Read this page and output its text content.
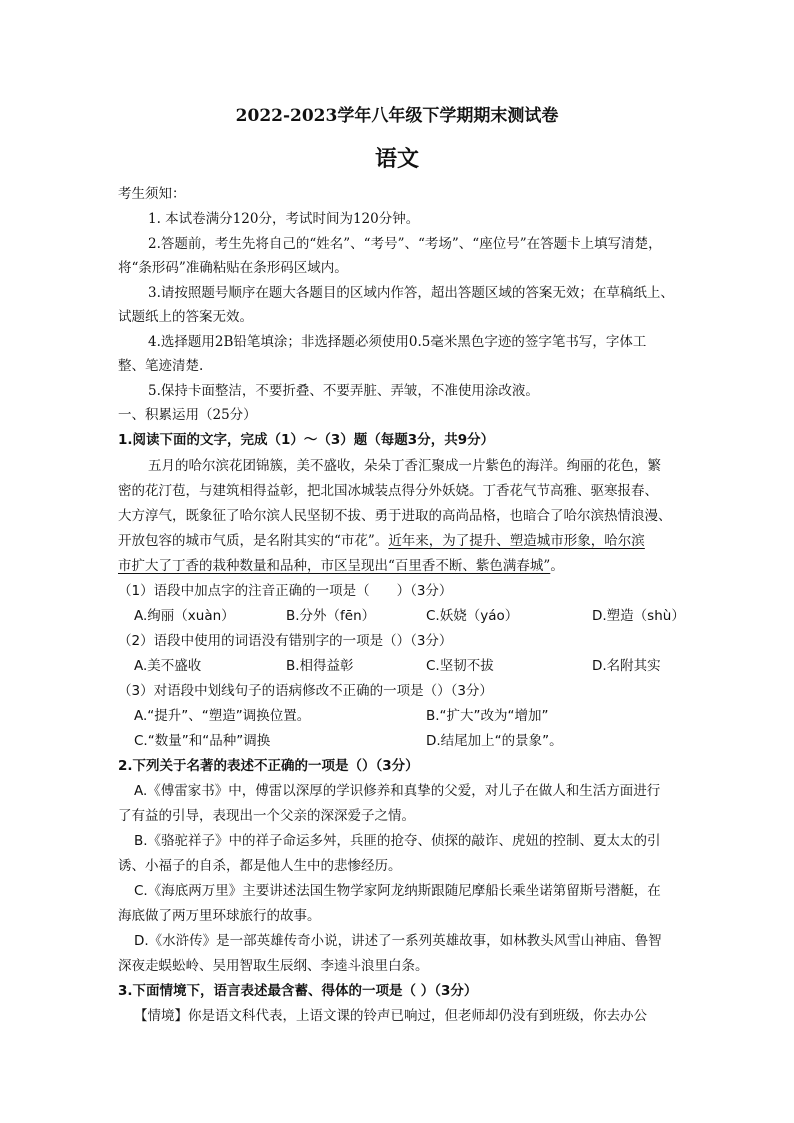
2022-2023学年八年级下学期期末测试卷
语文
考生须知：
1. 本试卷满分120分，考试时间为120分钟。
2.答题前，考生先将自己的“姓名”、“考号”、“考场”、“座位号”在答题卡上填写清楚，
将“条形码”准确粘贴在条形码区域内。
3.请按照题号顺序在题大各题目的区域内作答，超出答题区域的答案无效；在草稿纸上、
试题纸上的答案无效。
4.选择题用2B铅笔填涂；非选择题必须使用0.5毫米黑色字迹的签字笔书写，字体工
整、笔迹清楚.
5.保持卡面整洁，不要折叠、不要弄脏、弄皱，不准使用涂改液。
一、积累运用（25分）
1.阅读下面的文字，完成（1）～（3）题（每题3分，共9分）
五月的哈尔滨花团锦簇，美不盛收，朵朵丁香汇聚成一片紫色的海洋。绚丽的花色，繁
密的花汀苞，与建筑相得益彰，把北国冰城装点得分外妖娆。丁香花气节高雅、驱寒报春、
大方淳气，既象征了哈尔滨人民坚韧不拔、勇于进取的高尚品格，也暗合了哈尔滨热情浪漫、
开放包容的城市气质，是名附其实的“市花”。近年来，为了提升、塑造城市形象，哈尔滨
市扩大了丁香的栽种数量和品种，市区呈现出“百里香不断、紫色满春城”。
（1）语段中加点字的注音正确的一项是（　　）（3分）
A.绚丽（xuàn）	B.分外（fēn）	C.妖娆（yáo）	D.塑造（shù）
（2）语段中使用的词语没有错别字的一项是（）（3分）
A.美不盛收	B.相得益彰	C.坚韧不拔	D.名附其实
（3）对语段中划线句子的语病修改不正确的一项是（）（3分）
A.“提升”、“塑造”调换位置。	B.“扩大”改为“增加”
C.“数量”和“品种”调换	D.结尾加上“的景象”。
2.下列关于名著的表述不正确的一项是（）（3分）
A.《傅雷家书》中，傅雷以深厚的学识修养和真挚的父爱，对儿子在做人和生活方面进行
了有益的引导，表现出一个父亲的深深爱子之情。
B.《骆驼祥子》中的祥子命运多舛，兵匪的抢夺、侦探的敲诈、虎妞的控制、夏太太的引
诱、小福子的自杀，都是他人生中的悲惨经历。
C.《海底两万里》主要讲述法国生物学家阿龙纳斯跟随尼摩船长乘坐诺第留斯号潜艇，在
海底做了两万里环球旅行的故事。
D.《水浒传》是一部英雄传奇小说，讲述了一系列英雄故事，如林教头风雪山神庙、鲁智
深夜走蜈蚣岭、吴用智取生辰纲、李逵斗浪里白条。
3.下面情境下，语言表述最含蓄、得体的一项是（ ）（3分）
【情境】你是语文科代表，上语文课的铃声已响过，但老师却仍没有到班级，你去办公
